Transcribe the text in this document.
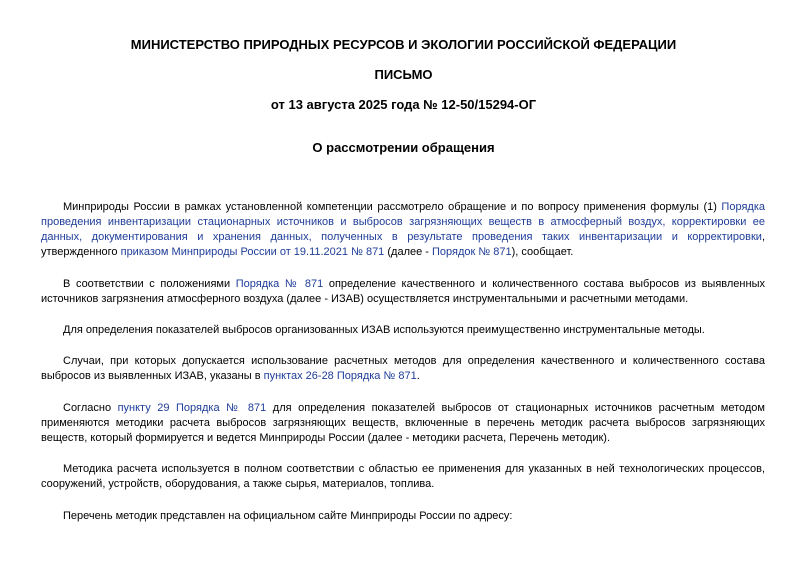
МИНИСТЕРСТВО ПРИРОДНЫХ РЕСУРСОВ И ЭКОЛОГИИ РОССИЙСКОЙ ФЕДЕРАЦИИ
ПИСЬМО
от 13 августа 2025 года № 12-50/15294-ОГ
О рассмотрении обращения

Минприроды России в рамках установленной компетенции рассмотрело обращение и по вопросу применения формулы (1) Порядка проведения инвентаризации стационарных источников и выбросов загрязняющих веществ в атмосферный воздух, корректировки ее данных, документирования и хранения данных, полученных в результате проведения таких инвентаризации и корректировки, утвержденного приказом Минприроды России от 19.11.2021 № 871 (далее - Порядок № 871), сообщает.

В соответствии с положениями Порядка № 871 определение качественного и количественного состава выбросов из выявленных источников загрязнения атмосферного воздуха (далее - ИЗАВ) осуществляется инструментальными и расчетными методами.

Для определения показателей выбросов организованных ИЗАВ используются преимущественно инструментальные методы.

Случаи, при которых допускается использование расчетных методов для определения качественного и количественного состава выбросов из выявленных ИЗАВ, указаны в пунктах 26-28 Порядка № 871.

Согласно пункту 29 Порядка № 871 для определения показателей выбросов от стационарных источников расчетным методом применяются методики расчета выбросов загрязняющих веществ, включенные в перечень методик расчета выбросов загрязняющих веществ, который формируется и ведется Минприроды России (далее - методики расчета, Перечень методик).

Методика расчета используется в полном соответствии с областью ее применения для указанных в ней технологических процессов, сооружений, устройств, оборудования, а также сырья, материалов, топлива.

Перечень методик представлен на официальном сайте Минприроды России по адресу:
